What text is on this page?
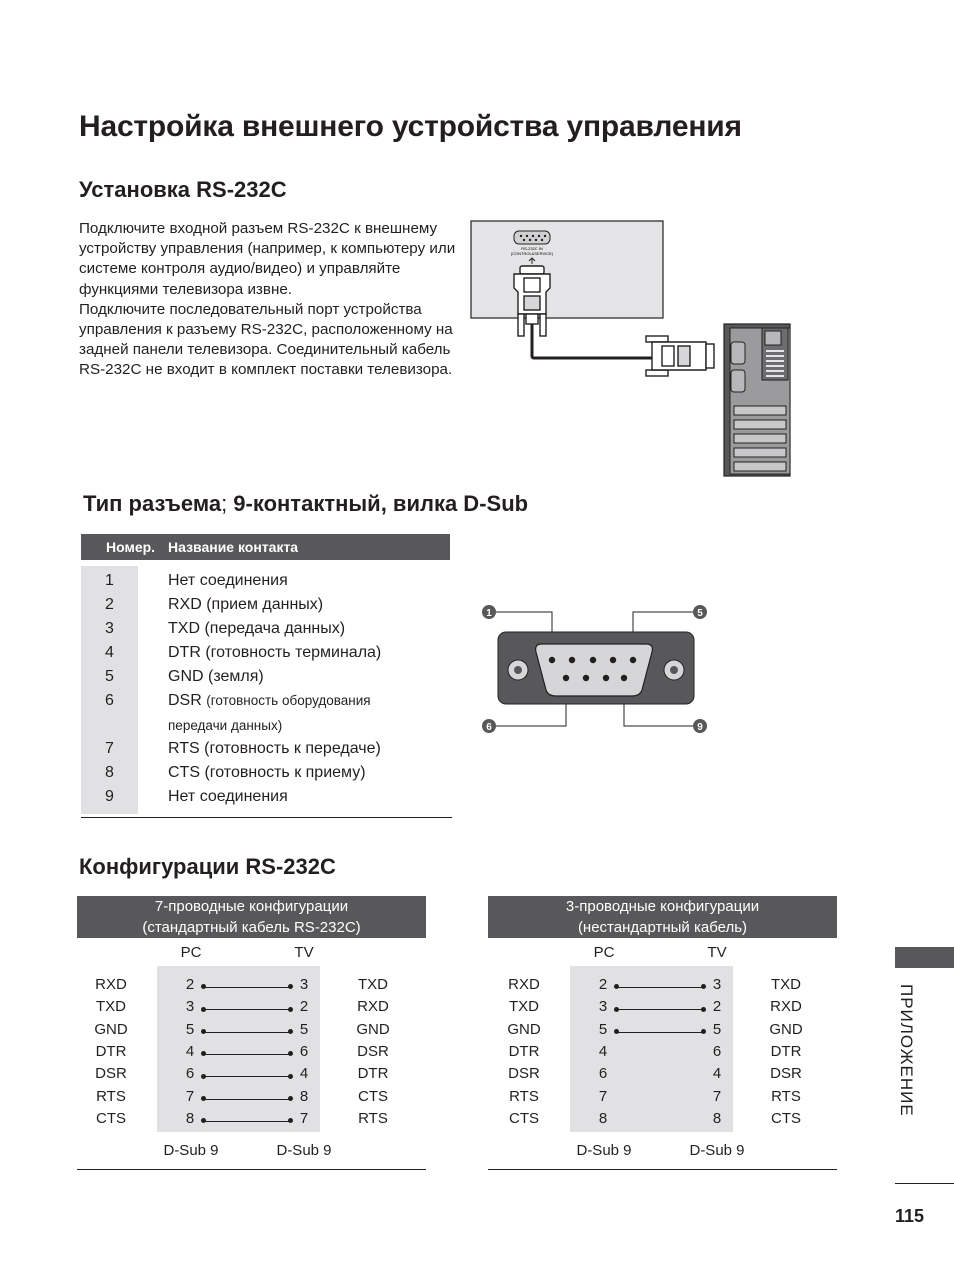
Настройка внешнего устройства управления
Установка RS-232C

Подключите входной разъем RS-232C к внешнему устройству управления (например, к компьютеру или системе контроля аудио/видео) и управляйте функциями телевизора извне.

Подключите последовательный порт устройства управления к разъему RS-232C, расположенному на задней панели телевизора. Соединительный кабель RS-232C не входит в комплект поставки телевизора.

RS-232C IN
(CONTROL&SERVICE)
Тип разъема; 9-контактный, вилка D-Sub
Номер. Название контакта
1	Нет соединения
2	RXD (прием данных)
3	TXD (передача данных)
4	DTR (готовность терминала)
5	GND (земля)
6	DSR (готовность оборудования
передачи данных)
7	RTS (готовность к передаче)
8	CTS (готовность к приему)
9	Нет соединения
1	5
6	9
Конфигурации RS-232C
7-проводные конфигурации
(стандартный кабель RS-232C)
PC	TV
RXD	2	3	TXD
TXD	3	2	RXD
GND	5	5	GND
DTR	4	6	DSR
DSR	6	4	DTR
RTS	7	8	CTS
CTS	8	7	RTS
D-Sub 9	D-Sub 9
3-проводные конфигурации
(нестандартный кабель)
PC	TV
RXD	2	3	TXD
TXD	3	2	RXD
GND	5	5	GND
DTR	4	6	DTR
DSR	6	4	DSR
RTS	7	7	RTS
CTS	8	8	CTS
D-Sub 9	D-Sub 9
ПРИЛОЖЕНИЕ
115
